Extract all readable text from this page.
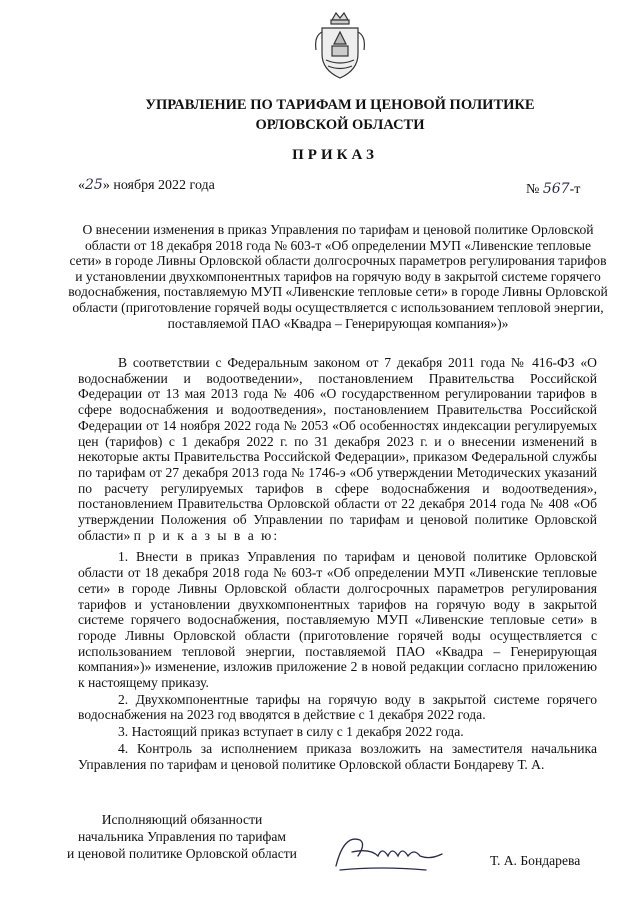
УПРАВЛЕНИЕ ПО ТАРИФАМ И ЦЕНОВОЙ ПОЛИТИКЕ
ОРЛОВСКОЙ ОБЛАСТИ
ПРИКАЗ
«25» ноября 2022 года	№ 567-т
О внесении изменения в приказ Управления по тарифам и ценовой политике Орловской области от 18 декабря 2018 года № 603-т «Об определении МУП «Ливенские тепловые сети» в городе Ливны Орловской области долгосрочных параметров регулирования тарифов и установлении двухкомпонентных тарифов на горячую воду в закрытой системе горячего водоснабжения, поставляемую МУП «Ливенские тепловые сети» в городе Ливны Орловской области (приготовление горячей воды осуществляется с использованием тепловой энергии, поставляемой ПАО «Квадра – Генерирующая компания»)»

В соответствии с Федеральным законом от 7 декабря 2011 года № 416-ФЗ «О водоснабжении и водоотведении», постановлением Правительства Российской Федерации от 13 мая 2013 года № 406 «О государственном регулировании тарифов в сфере водоснабжения и водоотведения», постановлением Правительства Российской Федерации от 14 ноября 2022 года № 2053 «Об особенностях индексации регулируемых цен (тарифов) с 1 декабря 2022 г. по 31 декабря 2023 г. и о внесении изменений в некоторые акты Правительства Российской Федерации», приказом Федеральной службы по тарифам от 27 декабря 2013 года № 1746-э «Об утверждении Методических указаний по расчету регулируемых тарифов в сфере водоснабжения и водоотведения», постановлением Правительства Орловской области от 22 декабря 2014 года № 408 «Об утверждении Положения об Управлении по тарифам и ценовой политике Орловской области» п р и к а з ы в а ю:

1. Внести в приказ Управления по тарифам и ценовой политике Орловской области от 18 декабря 2018 года № 603-т «Об определении МУП «Ливенские тепловые сети» в городе Ливны Орловской области долгосрочных параметров регулирования тарифов и установлении двухкомпонентных тарифов на горячую воду в закрытой системе горячего водоснабжения, поставляемую МУП «Ливенские тепловые сети» в городе Ливны Орловской области (приготовление горячей воды осуществляется с использованием тепловой энергии, поставляемой ПАО «Квадра – Генерирующая компания»)» изменение, изложив приложение 2 в новой редакции согласно приложению к настоящему приказу.

2. Двухкомпонентные тарифы на горячую воду в закрытой системе горячего водоснабжения на 2023 год вводятся в действие с 1 декабря 2022 года.

3. Настоящий приказ вступает в силу с 1 декабря 2022 года.

4. Контроль за исполнением приказа возложить на заместителя начальника Управления по тарифам и ценовой политике Орловской области Бондареву Т. А.

Исполняющий обязанности
начальника Управления по тарифам
и ценовой политике Орловской области	Т. А. Бондарева
